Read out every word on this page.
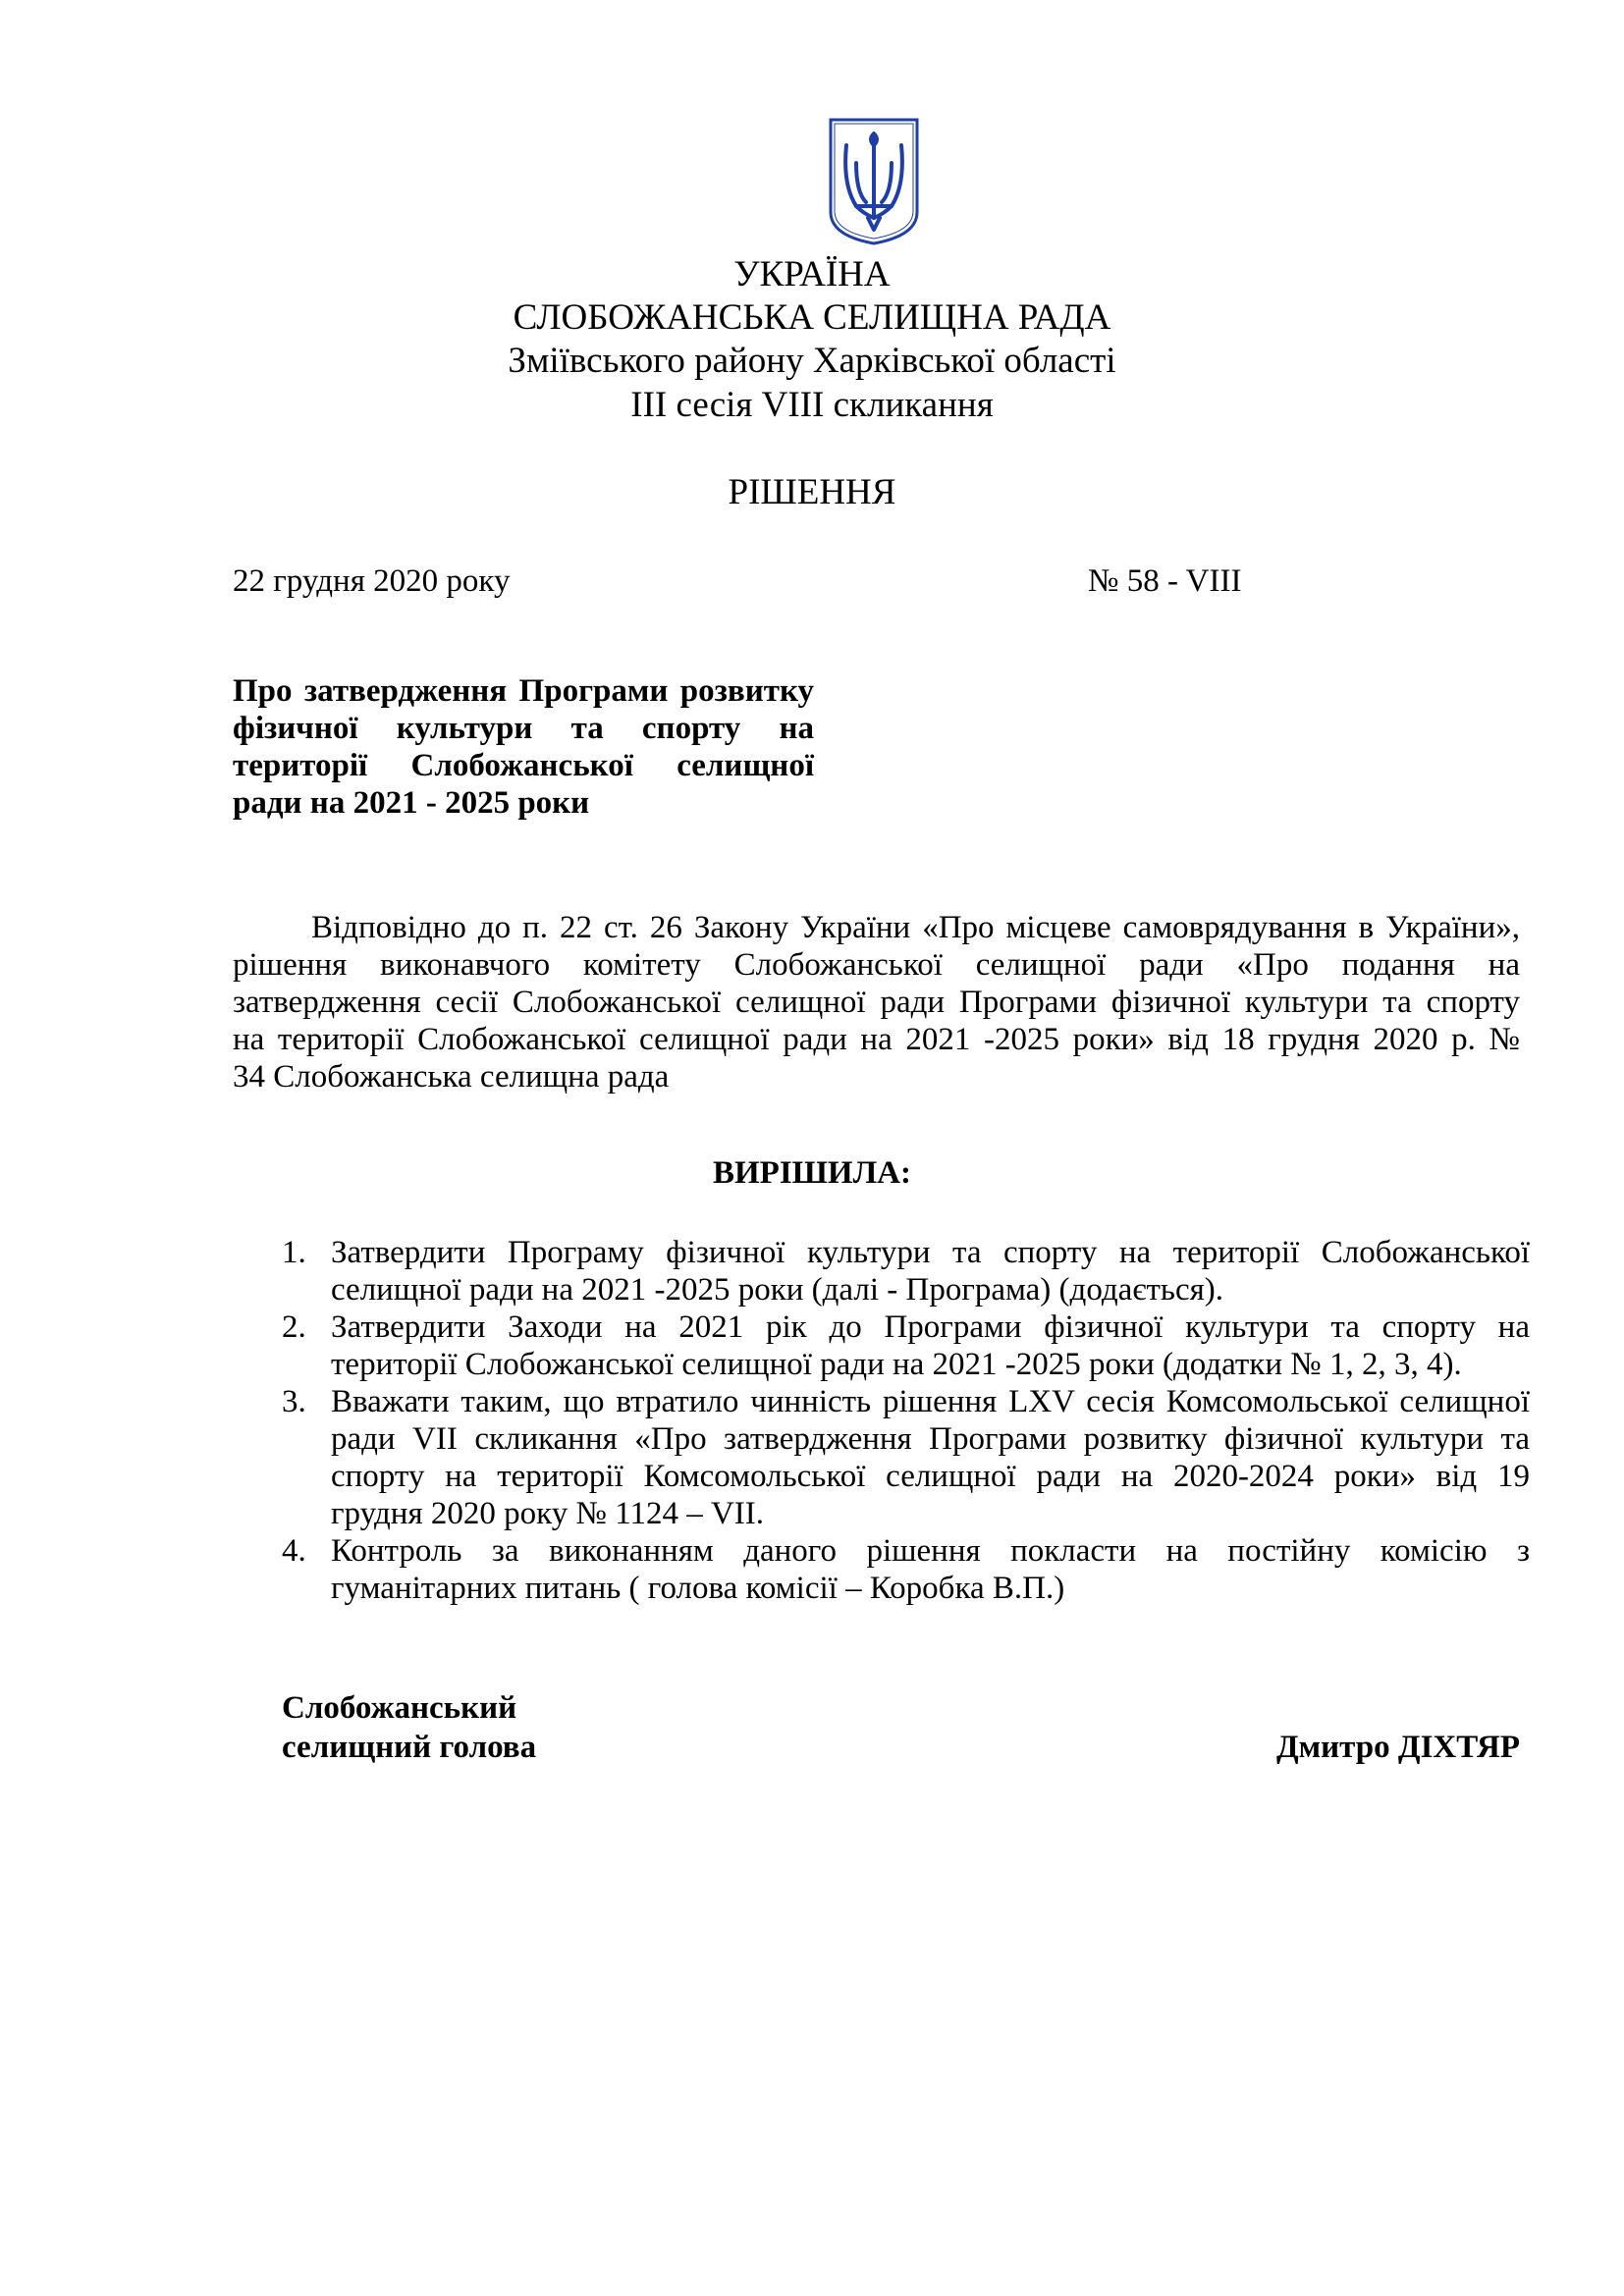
УКРАЇНА
СЛОБОЖАНСЬКА СЕЛИЩНА РАДА
Зміївського району Харківської області
ІІІ сесія VIII скликання
РІШЕННЯ
22 грудня 2020 року	№ 58 - VIII
Про затвердження Програми розвитку
фізичної культури та спорту на
території Слобожанської селищної
ради на 2021 - 2025 роки
Відповідно до п. 22 ст. 26 Закону України «Про місцеве самоврядування в України»,
рішення виконавчого комітету Слобожанської селищної ради «Про подання на
затвердження сесії Слобожанської селищної ради Програми фізичної культури та спорту
на території Слобожанської селищної ради на 2021 -2025 роки» від 18 грудня 2020 р. №
34 Слобожанська селищна рада
ВИРІШИЛА:
1. Затвердити Програму фізичної культури та спорту на території Слобожанської
селищної ради на 2021 -2025 роки (далі - Програма) (додається).
2. Затвердити Заходи на 2021 рік до Програми фізичної культури та спорту на
території Слобожанської селищної ради на 2021 -2025 роки (додатки № 1, 2, 3, 4).
3. Вважати таким, що втратило чинність рішення LXV сесія Комсомольської селищної
ради VII скликання «Про затвердження Програми розвитку фізичної культури та
спорту на території Комсомольської селищної ради на 2020-2024 роки» від 19
грудня 2020 року № 1124 – VII.
4. Контроль за виконанням даного рішення покласти на постійну комісію з
гуманітарних питань ( голова комісії – Коробка В.П.)
Слобожанський
селищний голова	Дмитро ДІХТЯР
